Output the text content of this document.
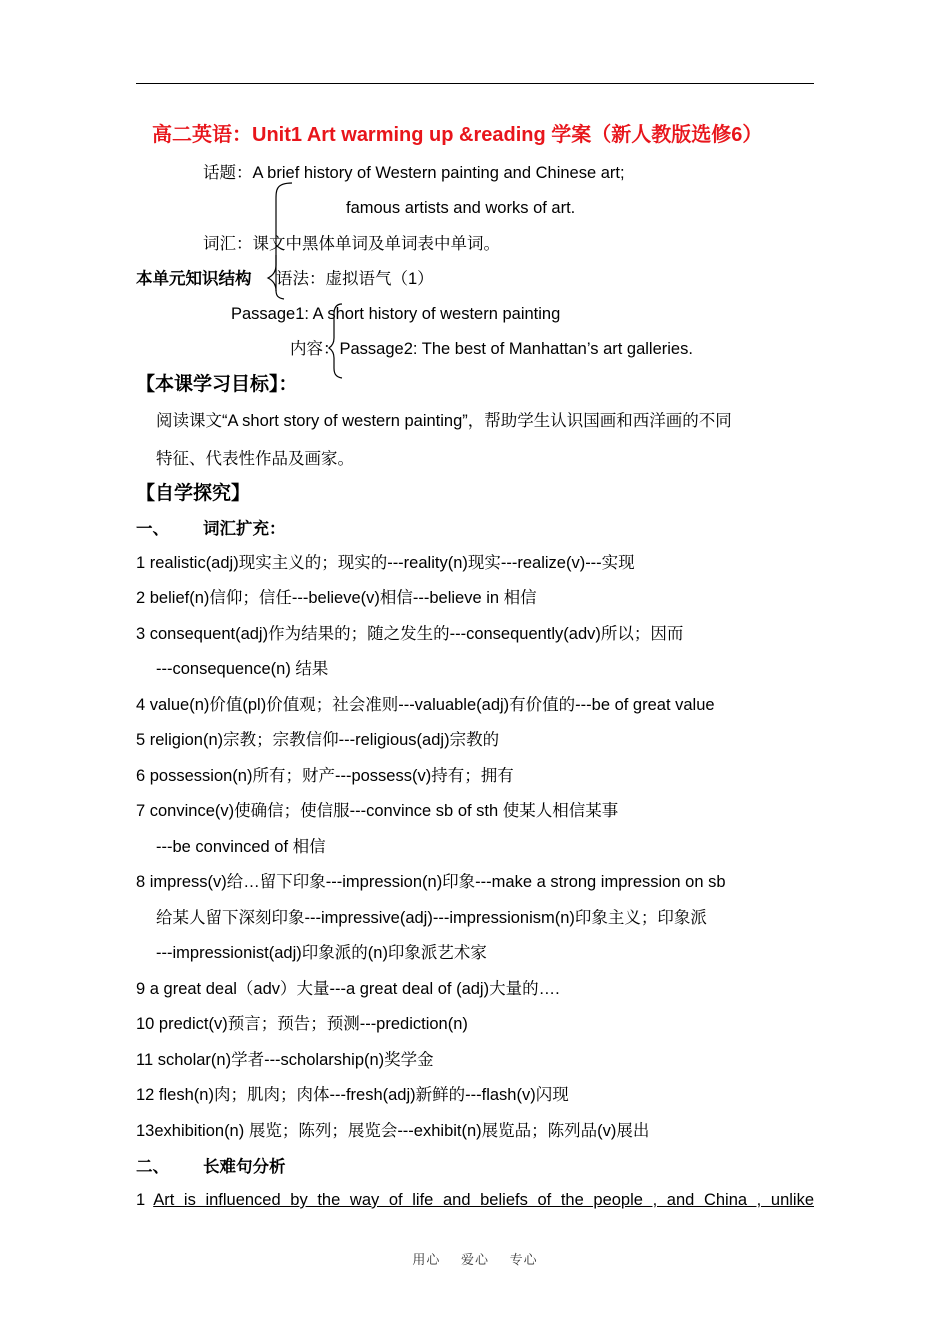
高二英语：Unit1 Art warming up &reading 学案（新人教版选修6）
话题：A brief history of Western painting and Chinese art;
famous artists and works of art.
词汇：课文中黑体单词及单词表中单词。
本单元知识结构 语法：虚拟语气（1）
Passage1: A short history of western painting
内容：Passage2: The best of Manhattan’s art galleries.
【本课学习目标】：
阅读课文“A short story of western painting”，帮助学生认识国画和西洋画的不同
特征、代表性作品及画家。
【自学探究】
一、 词汇扩充：
1 realistic(adj)现实主义的；现实的---reality(n)现实---realize(v)---实现
2 belief(n)信仰；信任---believe(v)相信---believe in 相信
3 consequent(adj)作为结果的；随之发生的---consequently(adv)所以；因而
---consequence(n) 结果
4 value(n)价值(pl)价值观；社会准则---valuable(adj)有价值的---be of great value
5 religion(n)宗教；宗教信仰---religious(adj)宗教的
6 possession(n)所有；财产---possess(v)持有；拥有
7 convince(v)使确信；使信服---convince sb of sth 使某人相信某事
---be convinced of 相信
8 impress(v)给…留下印象---impression(n)印象---make a strong impression on sb
给某人留下深刻印象---impressive(adj)---impressionism(n)印象主义；印象派
---impressionist(adj)印象派的(n)印象派艺术家
9 a great deal（adv）大量---a great deal of (adj)大量的….
10 predict(v)预言；预告；预测---prediction(n)
11 scholar(n)学者---scholarship(n)奖学金
12 flesh(n)肉；肌肉；肉体---fresh(adj)新鲜的---flash(v)闪现
13exhibition(n) 展览；陈列；展览会---exhibit(n)展览品；陈列品(v)展出
二、 长难句分析
1 Art is influenced by the way of life and beliefs of the people , and China , unlike
用心 爱心 专心
